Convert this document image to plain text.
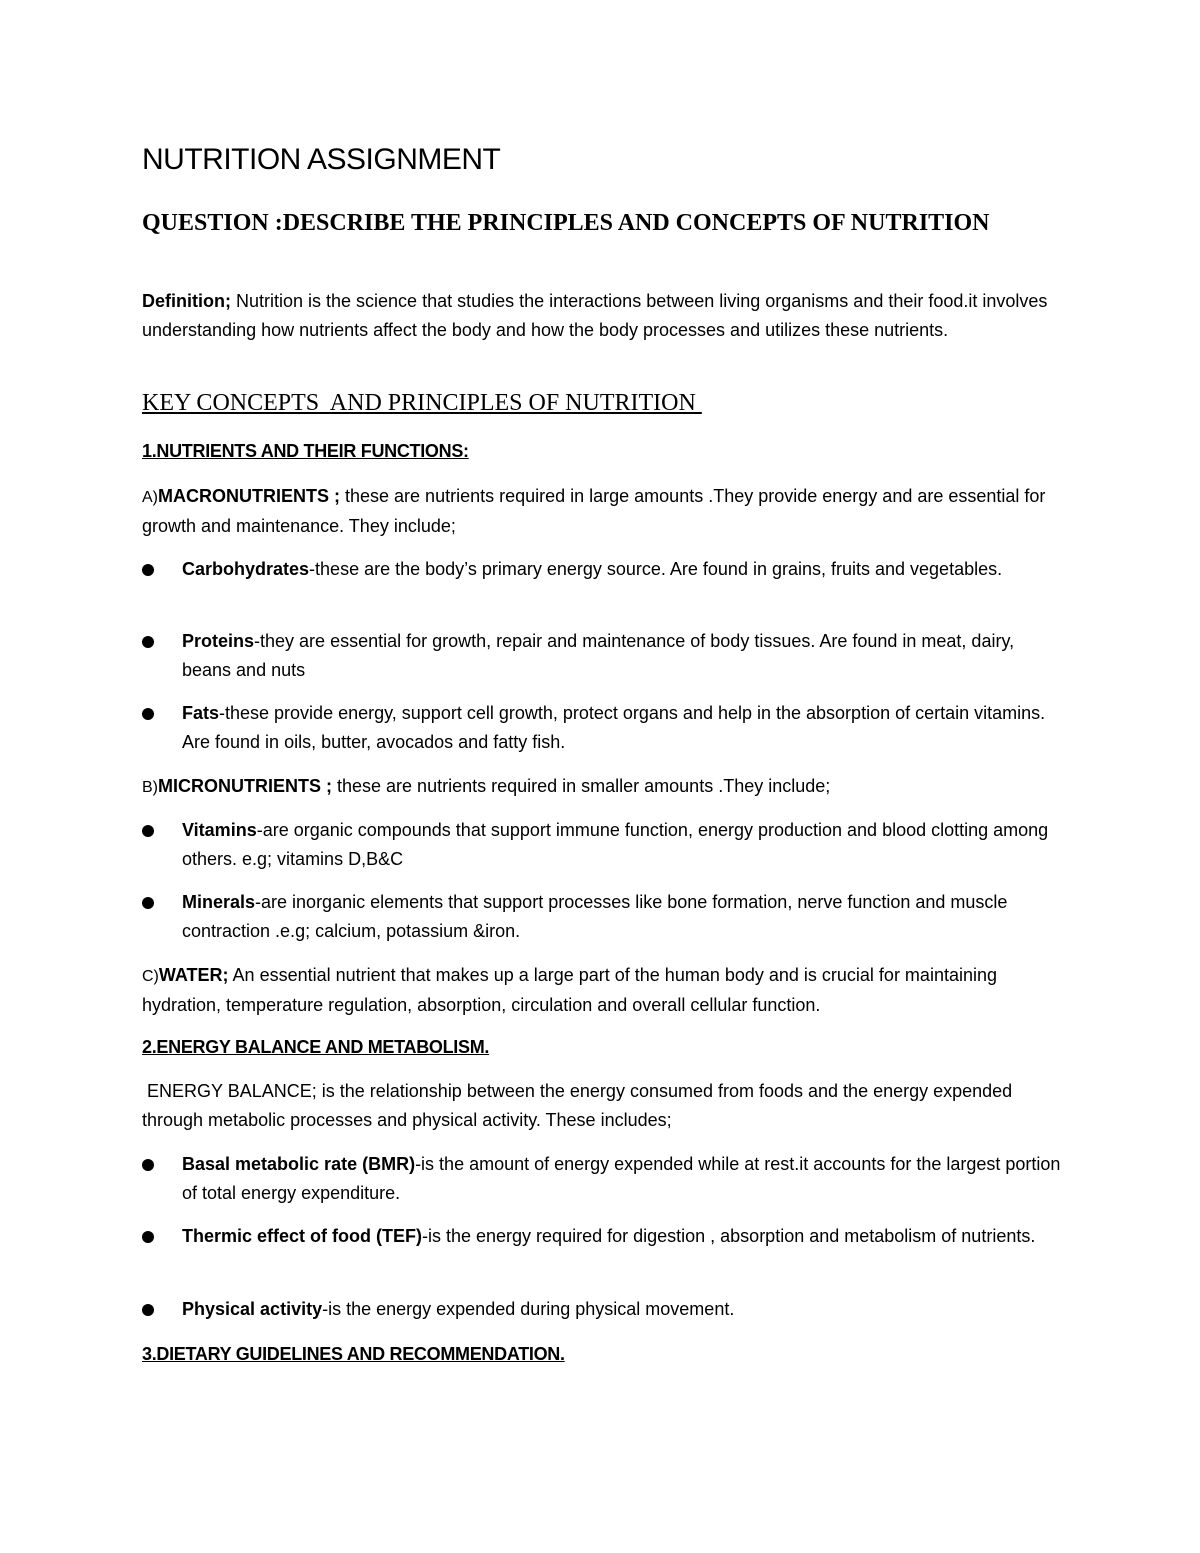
NUTRITION ASSIGNMENT
QUESTION :DESCRIBE THE PRINCIPLES AND CONCEPTS OF NUTRITION
Definition; Nutrition is the science that studies the interactions between living organisms and their food.it involves understanding how nutrients affect the body and how the body processes and utilizes these nutrients.
KEY CONCEPTS  AND PRINCIPLES OF NUTRITION
1.NUTRIENTS AND THEIR FUNCTIONS:
A)MACRONUTRIENTS ; these are nutrients required in large amounts .They provide energy and are essential for growth and maintenance. They include;
Carbohydrates-these are the body’s primary energy source. Are found in grains, fruits and vegetables.
Proteins-they are essential for growth, repair and maintenance of body tissues. Are found in meat, dairy, beans and nuts
Fats-these provide energy, support cell growth, protect organs and help in the absorption of certain vitamins. Are found in oils, butter, avocados and fatty fish.
B)MICRONUTRIENTS ; these are nutrients required in smaller amounts .They include;
Vitamins-are organic compounds that support immune function, energy production and blood clotting among others. e.g; vitamins D,B&C
Minerals-are inorganic elements that support processes like bone formation, nerve function and muscle contraction .e.g; calcium, potassium &iron.
C)WATER; An essential nutrient that makes up a large part of the human body and is crucial for maintaining hydration, temperature regulation, absorption, circulation and overall cellular function.
2.ENERGY BALANCE AND METABOLISM.
ENERGY BALANCE; is the relationship between the energy consumed from foods and the energy expended through metabolic processes and physical activity. These includes;
Basal metabolic rate (BMR)-is the amount of energy expended while at rest.it accounts for the largest portion of total energy expenditure.
Thermic effect of food (TEF)-is the energy required for digestion , absorption and metabolism of nutrients.
Physical activity-is the energy expended during physical movement.
3.DIETARY GUIDELINES AND RECOMMENDATION.
